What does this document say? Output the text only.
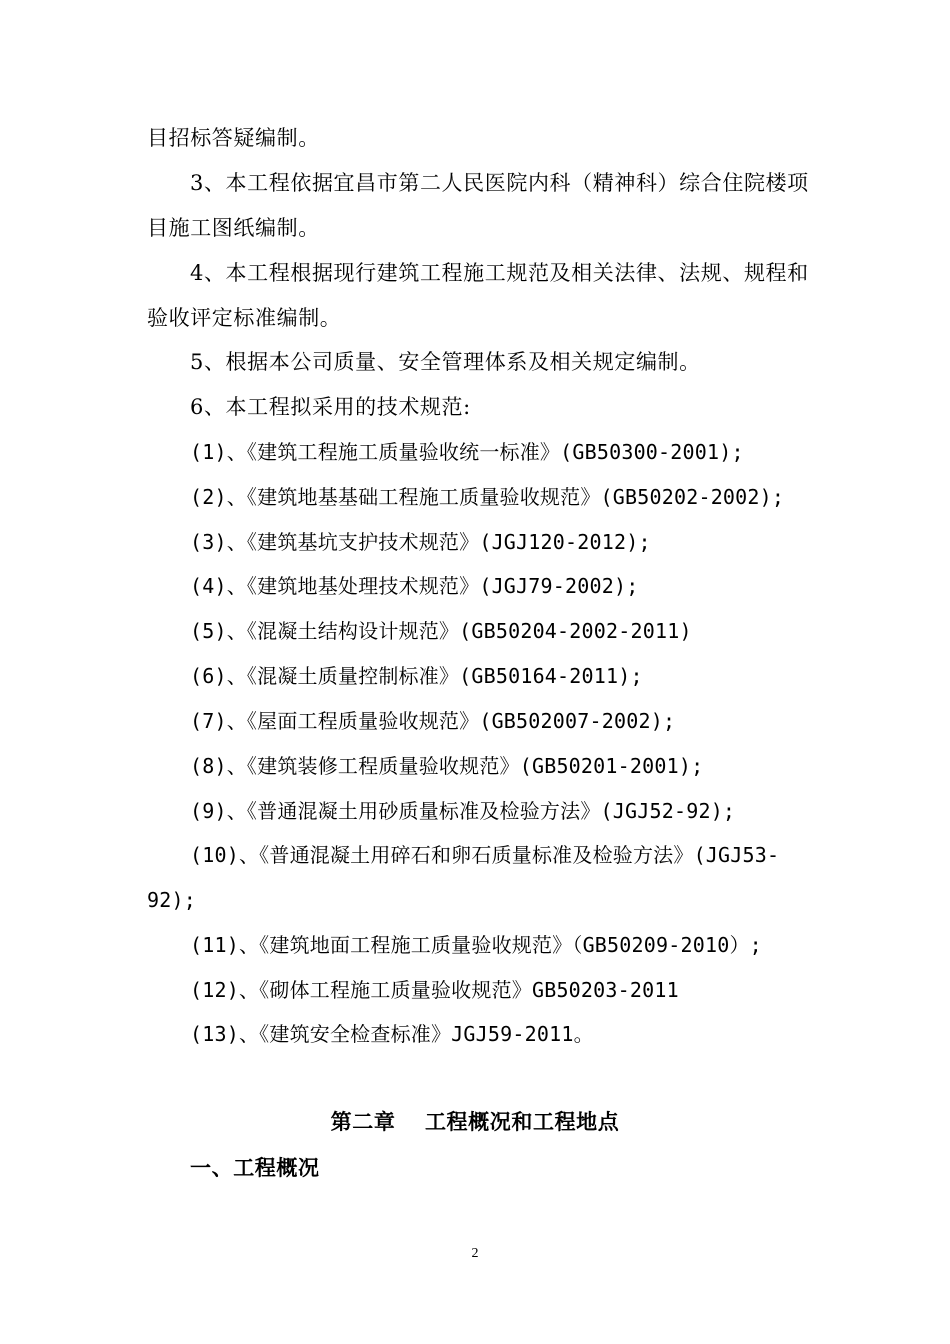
目招标答疑编制。
3、本工程依据宜昌市第二人民医院内科（精神科）综合住院楼项
目施工图纸编制。
4、本工程根据现行建筑工程施工规范及相关法律、法规、规程和
验收评定标准编制。
5、根据本公司质量、安全管理体系及相关规定编制。
6、本工程拟采用的技术规范:
(1)、《建筑工程施工质量验收统一标准》(GB50300-2001);
(2)、《建筑地基基础工程施工质量验收规范》(GB50202-2002);
(3)、《建筑基坑支护技术规范》(JGJ120-2012);
(4)、《建筑地基处理技术规范》(JGJ79-2002);
(5)、《混凝土结构设计规范》(GB50204-2002-2011)
(6)、《混凝土质量控制标准》(GB50164-2011);
(7)、《屋面工程质量验收规范》(GB502007-2002);
(8)、《建筑装修工程质量验收规范》(GB50201-2001);
(9)、《普通混凝土用砂质量标准及检验方法》(JGJ52-92);
(10)、《普通混凝土用碎石和卵石质量标准及检验方法》(JGJ53-
92);
(11)、《建筑地面工程施工质量验收规范》（GB50209-2010）;
(12)、《砌体工程施工质量验收规范》GB50203-2011
(13)、《建筑安全检查标准》JGJ59-2011。
第二章　 工程概况和工程地点
一、工程概况
2
